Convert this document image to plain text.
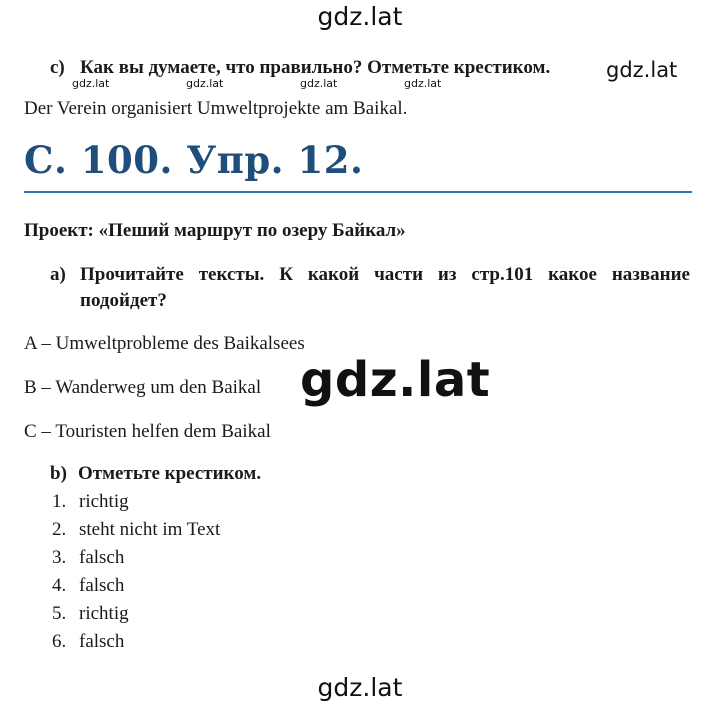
gdz.lat
gdz.lat
gdz.lat	gdz.lat	gdz.lat	gdz.lat
c) Как вы думаете, что правильно? Отметьте крестиком.
Der Verein organisiert Umweltprojekte am Baikal.
С. 100. Упр. 12.
Проект: «Пеший маршрут по озеру Байкал»
a) Прочитайте тексты. К какой части из стр.101 какое название
подойдет?
A – Umweltprobleme des Baikalsees
B – Wanderweg um den Baikal
C – Touristen helfen dem Baikal
gdz.lat
b) Отметьте крестиком.
1. richtig
2. steht nicht im Text
3. falsch
4. falsch
5. richtig
6. falsch
gdz.lat
